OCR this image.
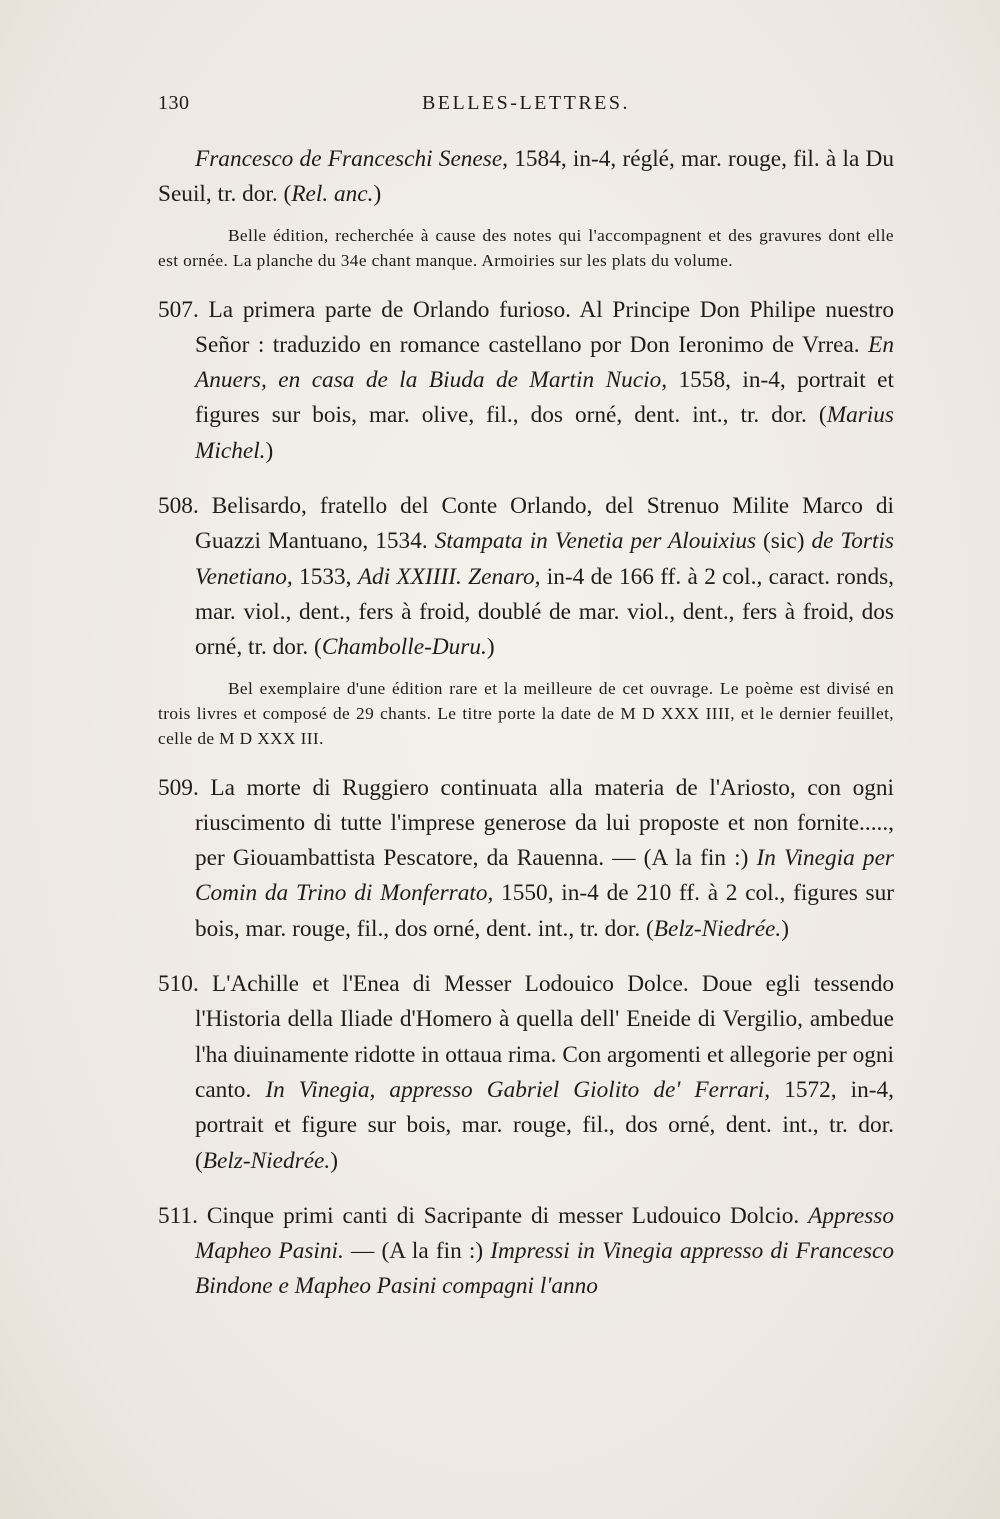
130	BELLES-LETTRES.

Francesco de Franceschi Senese, 1584, in-4, réglé, mar. rouge, fil. à la Du Seuil, tr. dor. (Rel. anc.)

Belle édition, recherchée à cause des notes qui l'accompagnent et des gravures dont elle est ornée. La planche du 34e chant manque. Armoiries sur les plats du volume.

507. La primera parte de Orlando furioso. Al Principe Don Philipe nuestro Señor : traduzido en romance castellano por Don Ieronimo de Vrrea. En Anuers, en casa de la Biuda de Martin Nucio, 1558, in-4, portrait et figures sur bois, mar. olive, fil., dos orné, dent. int., tr. dor. (Marius Michel.)

508. Belisardo, fratello del Conte Orlando, del Strenuo Milite Marco di Guazzi Mantuano, 1534. Stampata in Venetia per Alouixius (sic) de Tortis Venetiano, 1533, Adi XXIIII. Zenaro, in-4 de 166 ff. à 2 col., caract. ronds, mar. viol., dent., fers à froid, doublé de mar. viol., dent., fers à froid, dos orné, tr. dor. (Chambolle-Duru.)

Bel exemplaire d'une édition rare et la meilleure de cet ouvrage. Le poème est divisé en trois livres et composé de 29 chants. Le titre porte la date de M D XXX IIII, et le dernier feuillet, celle de M D XXX III.

509. La morte di Ruggiero continuata alla materia de l'Ariosto, con ogni riuscimento di tutte l'imprese generose da lui proposte et non fornite....., per Giouambattista Pescatore, da Rauenna. — (A la fin :) In Vinegia per Comin da Trino di Monferrato, 1550, in-4 de 210 ff. à 2 col., figures sur bois, mar. rouge, fil., dos orné, dent. int., tr. dor. (Belz-Niedrée.)

510. L'Achille et l'Enea di Messer Lodouico Dolce. Doue egli tessendo l'Historia della Iliade d'Homero à quella dell' Eneide di Vergilio, ambedue l'ha diuinamente ridotte in ottaua rima. Con argomenti et allegorie per ogni canto. In Vinegia, appresso Gabriel Giolito de' Ferrari, 1572, in-4, portrait et figure sur bois, mar. rouge, fil., dos orné, dent. int., tr. dor. (Belz-Niedrée.)

511. Cinque primi canti di Sacripante di messer Ludouico Dolcio. Appresso Mapheo Pasini. — (A la fin :) Impressi in Vinegia appresso di Francesco Bindone e Mapheo Pasini compagni l'anno
